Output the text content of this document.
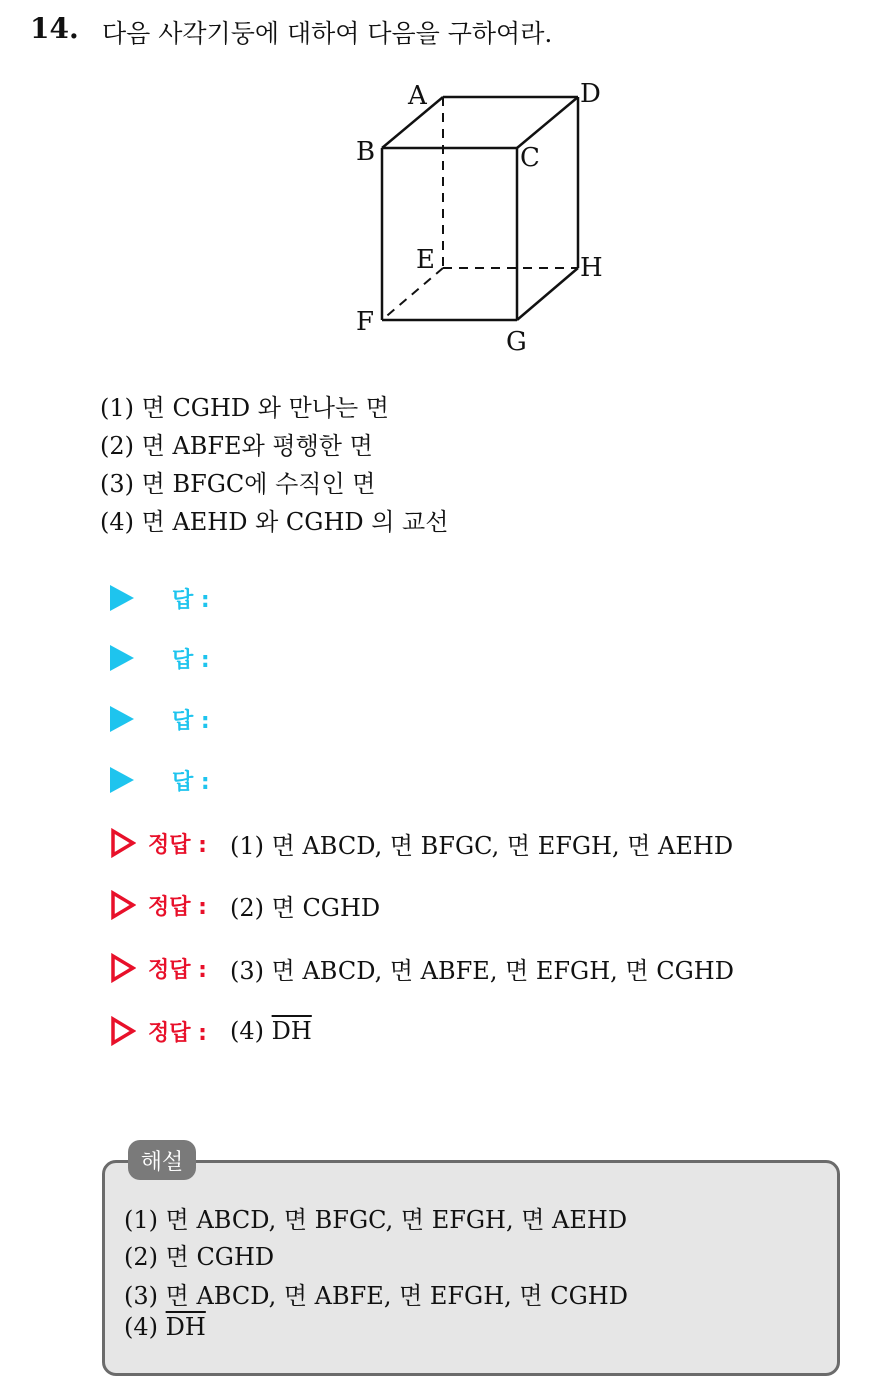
14. 다음 사각기둥에 대하여 다음을 구하여라.
A	D
B	C
E	H
F
G
(1) 면 CGHD 와 만나는 면
(2) 면 ABFE와 평행한 면
(3) 면 BFGC에 수직인 면
(4) 면 AEHD 와 CGHD 의 교선
답 :
답 :
답 :
답 :
정답 : (1) 면 ABCD, 면 BFGC, 면 EFGH, 면 AEHD
정답 : (2) 면 CGHD
정답 : (3) 면 ABCD, 면 ABFE, 면 EFGH, 면 CGHD
정답 : (4) $\overline{DH}$
해설
(1) 면 ABCD, 면 BFGC, 면 EFGH, 면 AEHD
(2) 면 CGHD
(3) 면 ABCD, 면 ABFE, 면 EFGH, 면 CGHD
(4) $\overline{DH}$
